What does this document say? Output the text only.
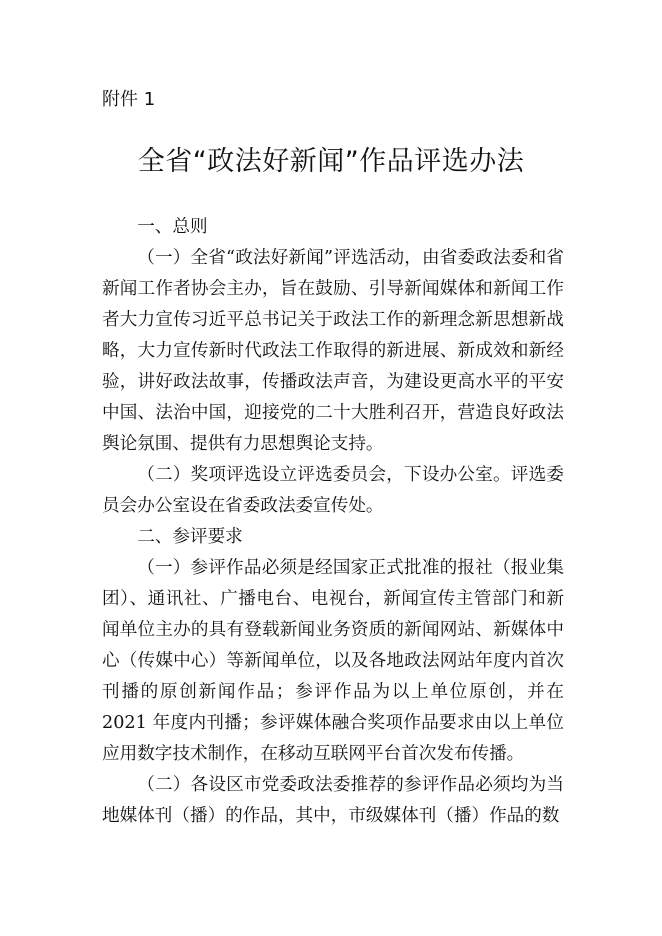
附件 1
全省“政法好新闻”作品评选办法

一、总则

（一）全省“政法好新闻”评选活动，由省委政法委和省新闻工作者协会主办，旨在鼓励、引导新闻媒体和新闻工作者大力宣传习近平总书记关于政法工作的新理念新思想新战略，大力宣传新时代政法工作取得的新进展、新成效和新经验，讲好政法故事，传播政法声音，为建设更高水平的平安中国、法治中国，迎接党的二十大胜利召开，营造良好政法舆论氛围、提供有力思想舆论支持。

（二）奖项评选设立评选委员会，下设办公室。评选委员会办公室设在省委政法委宣传处。

二、参评要求

（一）参评作品必须是经国家正式批准的报社（报业集团）、通讯社、广播电台、电视台，新闻宣传主管部门和新闻单位主办的具有登载新闻业务资质的新闻网站、新媒体中心（传媒中心）等新闻单位，以及各地政法网站年度内首次刊播的原创新闻作品；参评作品为以上单位原创，并在 2021 年度内刊播；参评媒体融合奖项作品要求由以上单位应用数字技术制作，在移动互联网平台首次发布传播。

（二）各设区市党委政法委推荐的参评作品必须均为当地媒体刊（播）的作品，其中，市级媒体刊（播）作品的数
